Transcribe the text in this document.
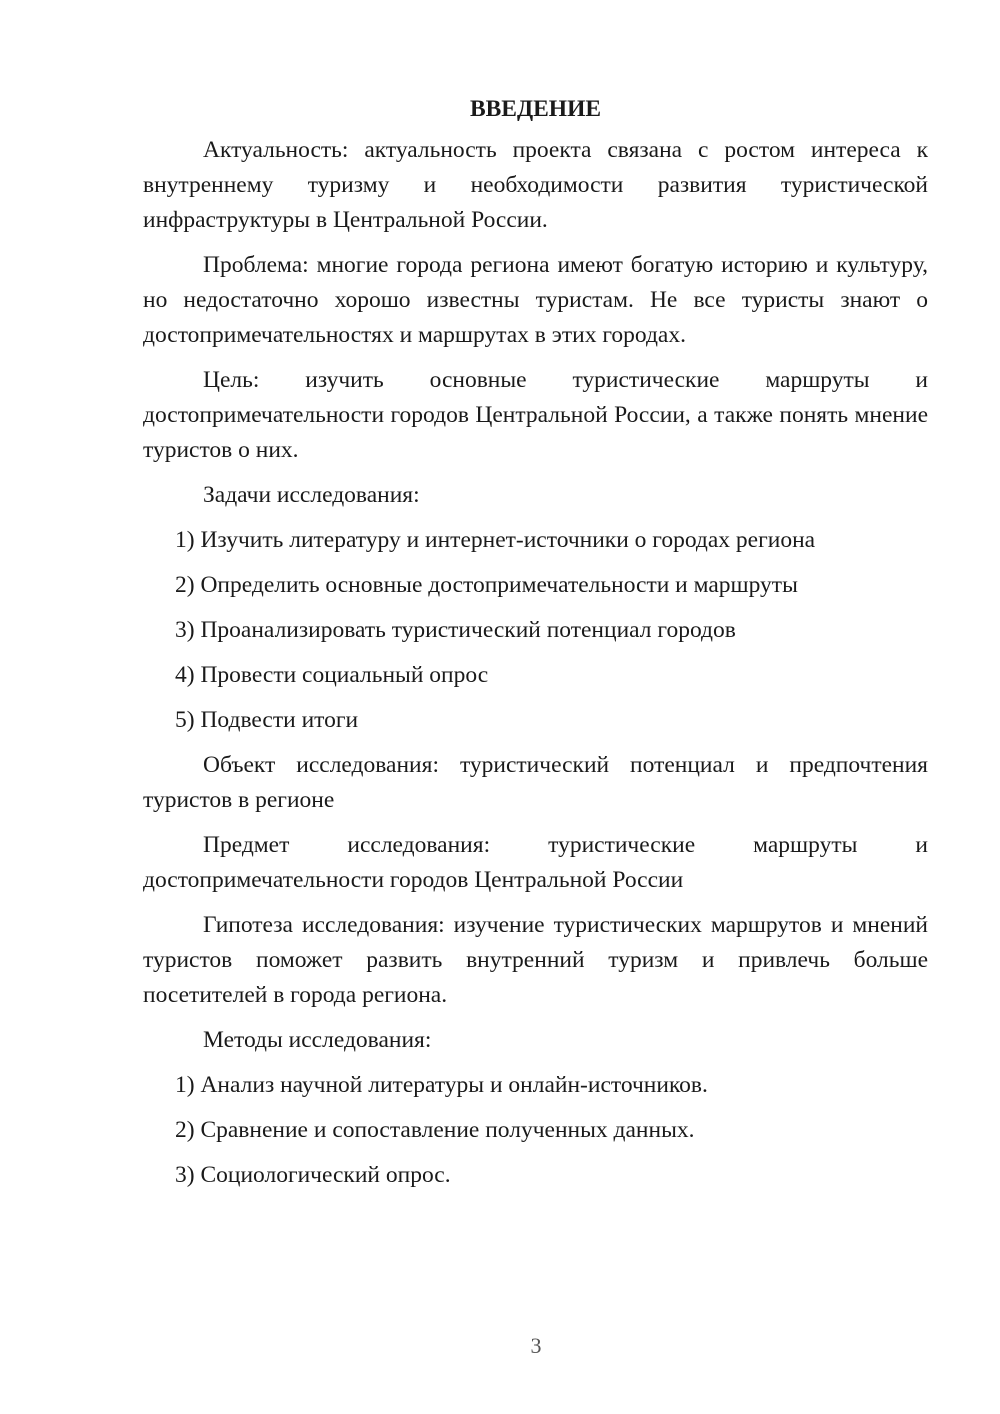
ВВЕДЕНИЕ

Актуальность: актуальность проекта связана с ростом интереса к внутреннему туризму и необходимости развития туристической инфраструктуры в Центральной России.

Проблема: многие города региона имеют богатую историю и культуру, но недостаточно хорошо известны туристам. Не все туристы знают о достопримечательностях и маршрутах в этих городах.

Цель: изучить основные туристические маршруты и достопримечательности городов Центральной России, а также понять мнение туристов о них.

Задачи исследования:

1) Изучить литературу и интернет-источники о городах региона
2) Определить основные достопримечательности и маршруты
3) Проанализировать туристический потенциал городов
4) Провести социальный опрос
5) Подвести итоги

Объект исследования: туристический потенциал и предпочтения туристов в регионе

Предмет исследования: туристические маршруты и достопримечательности городов Центральной России

Гипотеза исследования: изучение туристических маршрутов и мнений туристов поможет развить внутренний туризм и привлечь больше посетителей в города региона.

Методы исследования:

1) Анализ научной литературы и онлайн-источников.
2) Сравнение и сопоставление полученных данных.
3) Социологический опрос.
3
